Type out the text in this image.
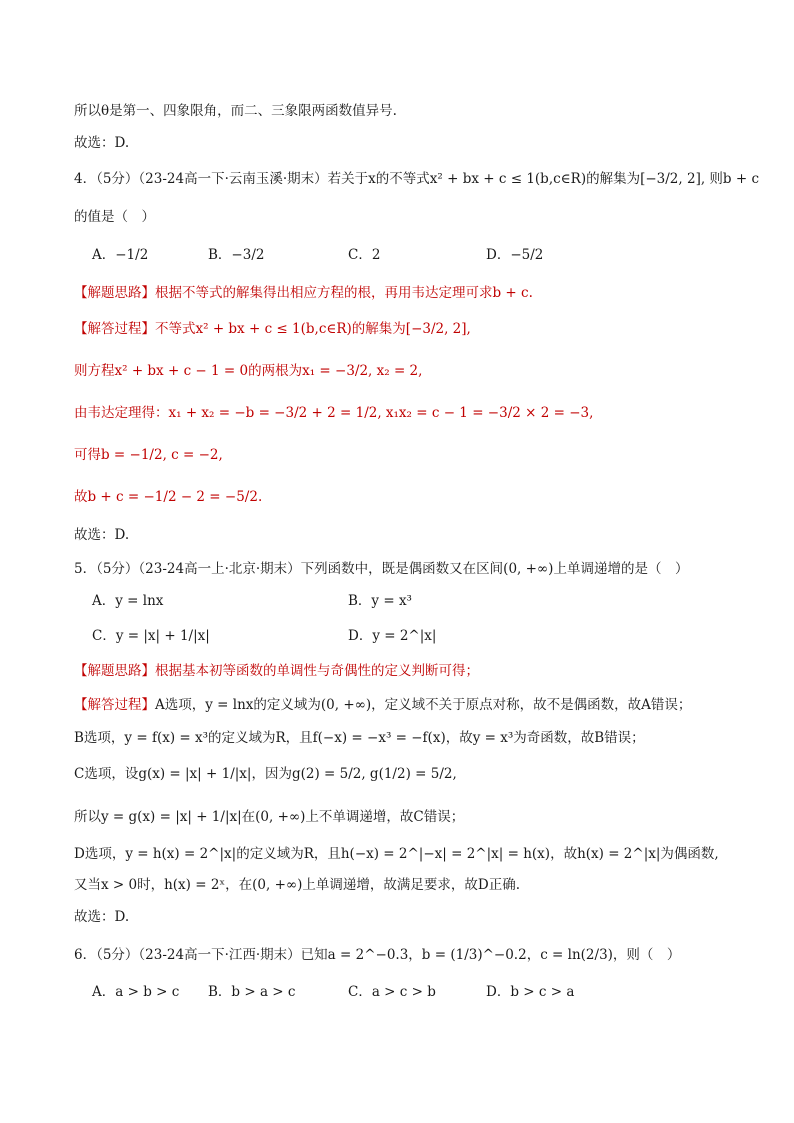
所以θ是第一、四象限角，而二、三象限两函数值异号.
故选：D.
4．（5分）（23-24高一下·云南玉溪·期末）若关于x的不等式x² + bx + c ≤ 1(b,c∈R)的解集为[−3/2, 2], 则b + c
的值是（　）
A．−1/2	B．−3/2	C．2	D．−5/2
【解题思路】根据不等式的解集得出相应方程的根，再用韦达定理可求b + c.
【解答过程】不等式x² + bx + c ≤ 1(b,c∈R)的解集为[−3/2, 2],
则方程x² + bx + c − 1 = 0的两根为x₁ = −3/2, x₂ = 2,
由韦达定理得：x₁ + x₂ = −b = −3/2 + 2 = 1/2, x₁x₂ = c − 1 = −3/2 × 2 = −3,
可得b = −1/2, c = −2,
故b + c = −1/2 − 2 = −5/2.
故选：D.
5．（5分）（23-24高一上·北京·期末）下列函数中，既是偶函数又在区间(0, +∞)上单调递增的是（　）
A．y = lnx	B．y = x³
C．y = |x| + 1/|x|	D．y = 2^|x|
【解题思路】根据基本初等函数的单调性与奇偶性的定义判断可得；
【解答过程】A选项，y = lnx的定义域为(0, +∞)，定义域不关于原点对称，故不是偶函数，故A错误；
B选项，y = f(x) = x³的定义域为R，且f(−x) = −x³ = −f(x)，故y = x³为奇函数，故B错误；
C选项，设g(x) = |x| + 1/|x|，因为g(2) = 5/2, g(1/2) = 5/2,
所以y = g(x) = |x| + 1/|x|在(0, +∞)上不单调递增，故C错误；
D选项，y = h(x) = 2^|x|的定义域为R，且h(−x) = 2^|−x| = 2^|x| = h(x)，故h(x) = 2^|x|为偶函数,
又当x > 0时，h(x) = 2ˣ，在(0, +∞)上单调递增，故满足要求，故D正确.
故选：D.
6．（5分）（23-24高一下·江西·期末）已知a = 2^−0.3，b = (1/3)^−0.2，c = ln(2/3)，则（　）
A．a > b > c B．b > a > c	C．a > c > b	D．b > c > a
